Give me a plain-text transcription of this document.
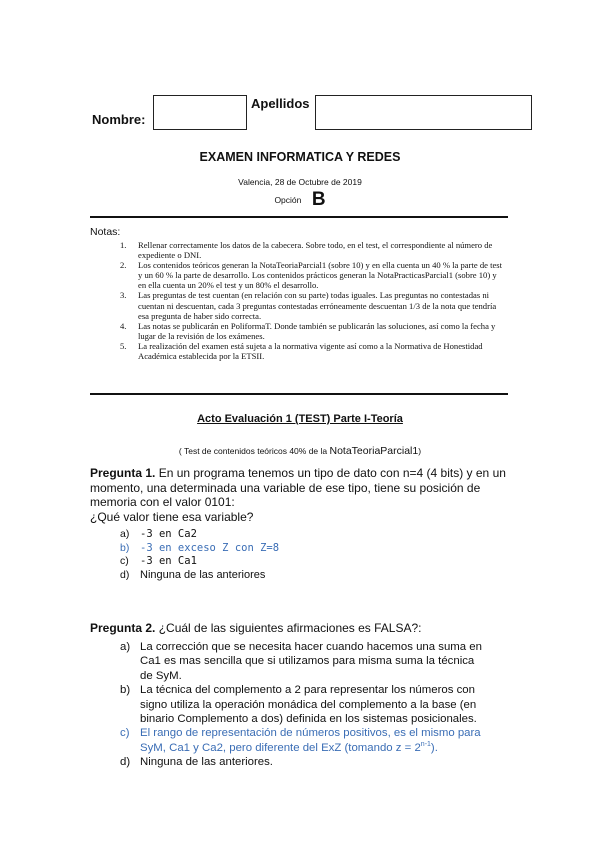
Nombre:
Apellidos
EXAMEN INFORMATICA Y REDES
Valencia, 28 de Octubre de 2019
Opción B
Notas:
1. Rellenar correctamente los datos de la cabecera. Sobre todo, en el test, el correspondiente al número de expediente o DNI.
2. Los contenidos teóricos generan la NotaTeoriaParcial1 (sobre 10) y en ella cuenta un 40 % la parte de test y un 60 % la parte de desarrollo. Los contenidos prácticos generan la NotaPracticasParcial1 (sobre 10) y en ella cuenta un 20% el test y un 80% el desarrollo.
3. Las preguntas de test cuentan (en relación con su parte) todas iguales. Las preguntas no contestadas ni cuentan ni descuentan, cada 3 preguntas contestadas erróneamente descuentan 1/3 de la nota que tendría esa pregunta de haber sido correcta.
4. Las notas se publicarán en PoliformaT. Donde también se publicarán las soluciones, así como la fecha y lugar de la revisión de los exámenes.
5. La realización del examen está sujeta a la normativa vigente así como a la Normativa de Honestidad Académica establecida por la ETSII.
Acto Evaluación 1 (TEST) Parte I-Teoría
( Test de contenidos teóricos 40% de la NotaTeoriaParcial1)
Pregunta 1. En un programa tenemos un tipo de dato con n=4 (4 bits) y en un momento, una determinada una variable de ese tipo, tiene su posición de memoria con el valor 0101:
¿Qué valor tiene esa variable?
a) -3 en Ca2
b) -3 en exceso Z con Z=8
c) -3 en Ca1
d) Ninguna de las anteriores
Pregunta 2. ¿Cuál de las siguientes afirmaciones es FALSA?:
a) La corrección que se necesita hacer cuando hacemos una suma en Ca1 es mas sencilla que si utilizamos para misma suma la técnica de SyM.
b) La técnica del complemento a 2 para representar los números con signo utiliza la operación monádica del complemento a la base (en binario Complemento a dos) definida en los sistemas posicionales.
c) El rango de representación de números positivos, es el mismo para SyM, Ca1 y Ca2, pero diferente del ExZ (tomando $z = 2^{n-1}$).
d) Ninguna de las anteriores.
